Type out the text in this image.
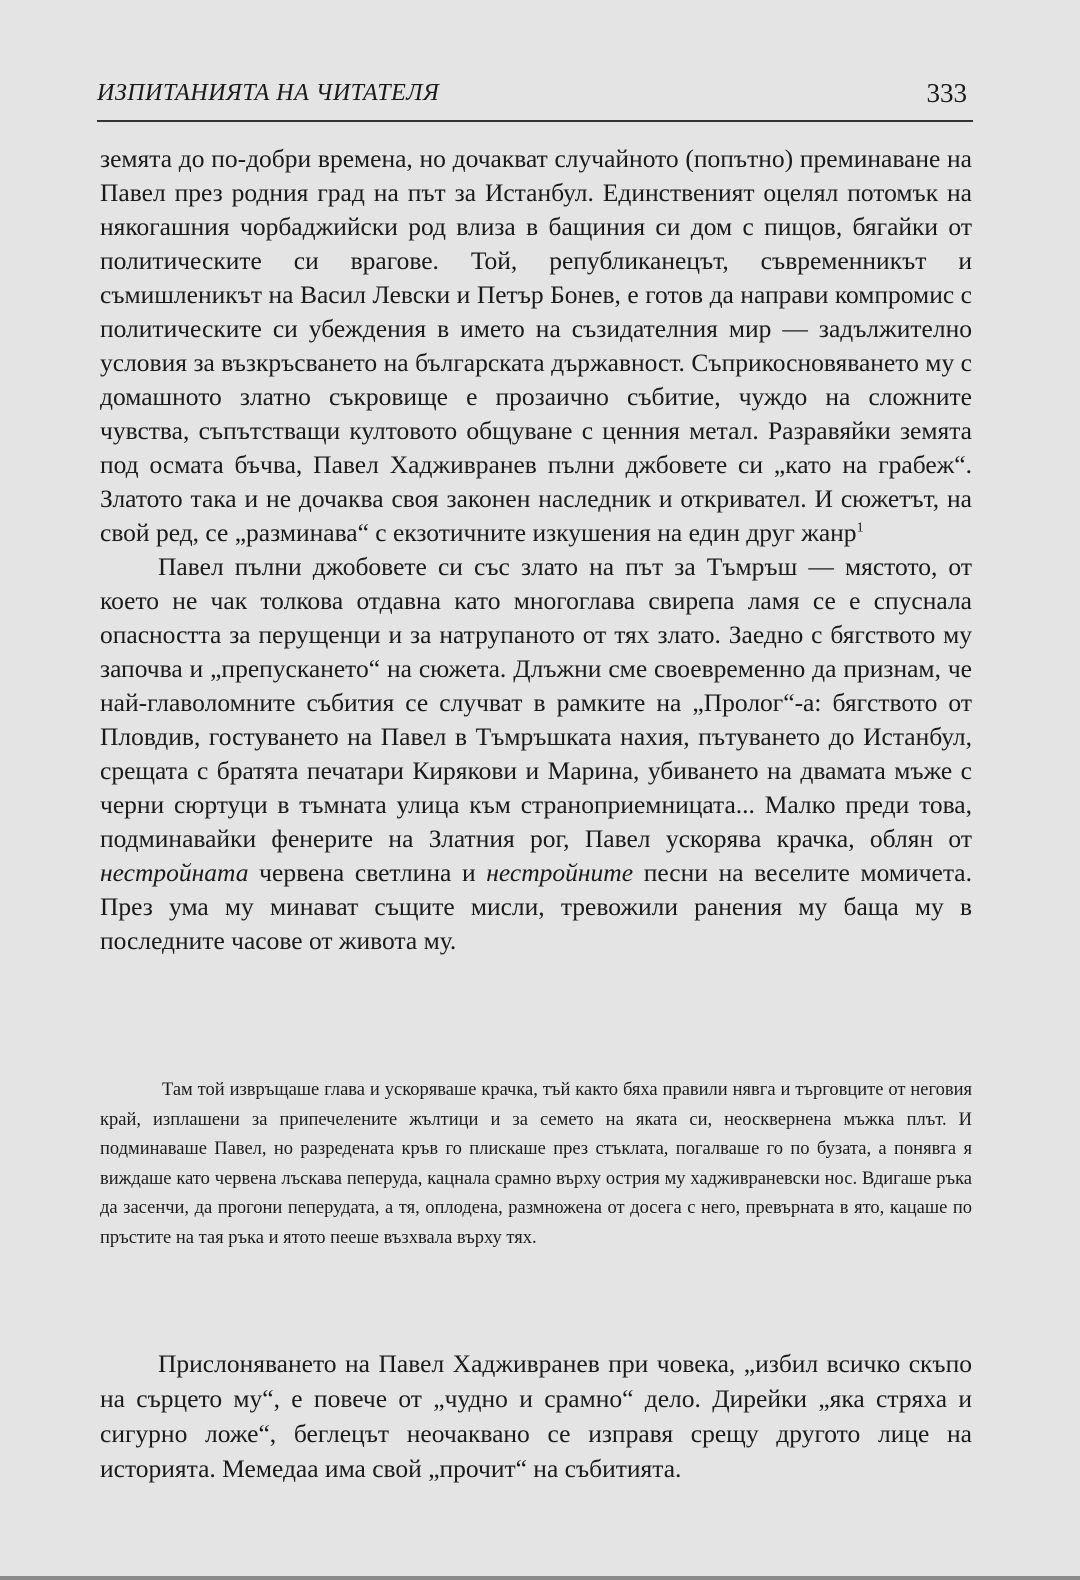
ИЗПИТАНИЯТА НА ЧИТАТЕЛЯ	333

земята до по-добри времена, но дочакват случайното (попътно) преминаване на Павел през родния град на път за Истанбул. Единственият оцелял потомък на някогашния чорбаджийски род влиза в бащиния си дом с пищов, бягайки от политическите си врагове. Той, републиканецът, съвременникът и съмишленикът на Васил Левски и Петър Бонев, е готов да направи компромис с политическите си убеждения в името на съзидателния мир — задължително условия за възкръсването на българската държавност. Съприкосновяването му с домашното златно съкровище е прозаично събитие, чуждо на сложните чувства, съпътстващи култовото общуване с ценния метал. Разравяйки земята под осмата бъчва, Павел Хадживранев пълни джбовете си „като на грабеж“. Златото така и не дочаква своя законен наследник и откривател. И сюжетът, на свой ред, се „разминава“ с екзотичните изкушения на един друг жанр$^1$

Павел пълни джобовете си със злато на път за Тъмръш — мястото, от което не чак толкова отдавна като многоглава свирепа ламя се е спуснала опасността за перущенци и за натрупаното от тях злато. Заедно с бягството му започва и „препускането“ на сюжета. Длъжни сме своевременно да признам, че най-главоломните събития се случват в рамките на „Пролог“-а: бягството от Пловдив, гостуването на Павел в Тъмръшката нахия, пътуването до Истанбул, срещата с братята печатари Кирякови и Марина, убиването на двамата мъже с черни сюртуци в тъмната улица към страноприемницата... Малко преди това, подминавайки фенерите на Златния рог, Павел ускорява крачка, облян от нестройната червена светлина и нестройните песни на веселите момичета. През ума му минават същите мисли, тревожили ранения му баща му в последните часове от живота му.

Там той извръщаше глава и ускоряваше крачка, тъй както бяха правили нявга и търговците от неговия край, изплашени за припечелените жълтици и за семето на яката си, неосквернена мъжка плът. И подминаваше Павел, но разредената кръв го плискаше през стъклата, погалваше го по бузата, а понявга я виждаше като червена лъскава пеперуда, кацнала срамно върху острия му хадживраневски нос. Вдигаше ръка да засенчи, да прогони пеперудата, а тя, оплодена, размножена от досега с него, превърната в ято, кацаше по пръстите на тая ръка и ятото пееше възхвала върху тях.

Прислоняването на Павел Хадживранев при човека, „избил всичко скъпо на сърцето му“, е повече от „чудно и срамно“ дело. Дирейки „яка стряха и сигурно ложе“, беглецът неочаквано се изправя срещу другото лице на историята. Мемедаа има свой „прочит“ на събитията.
